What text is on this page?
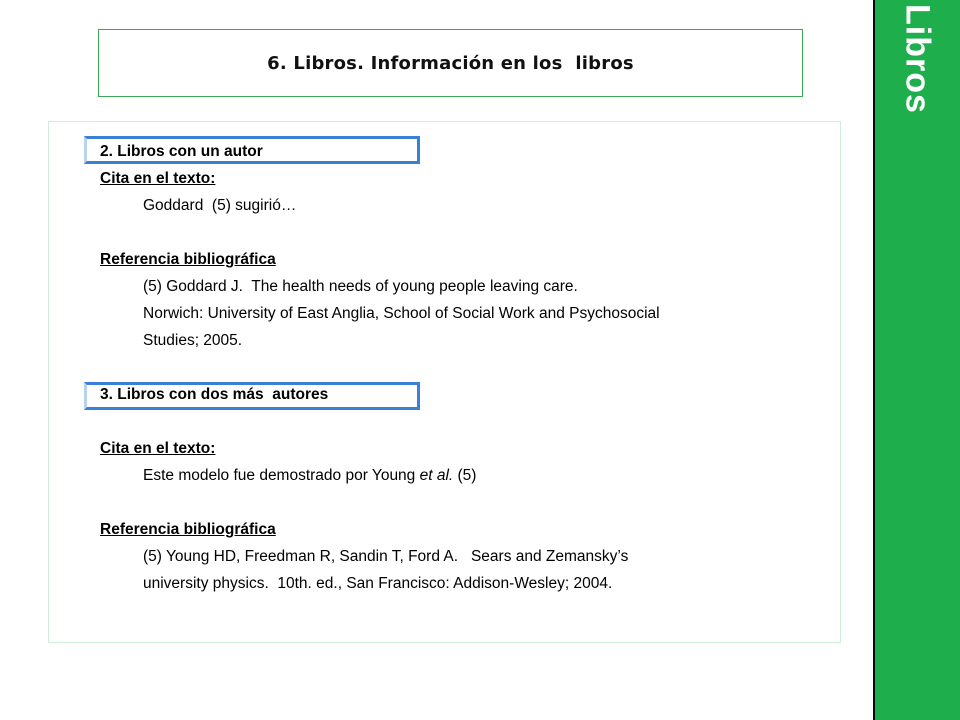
6. Libros. Información en los  libros	Libros
2. Libros con un autor
Cita en el texto:
Goddard  (5) sugirió…
Referencia bibliográfica
(5) Goddard J.  The health needs of young people leaving care.
Norwich: University of East Anglia, School of Social Work and Psychosocial
Studies; 2005.
3. Libros con dos más  autores
Cita en el texto:
Este modelo fue demostrado por Young et al. (5)
Referencia bibliográfica
(5) Young HD, Freedman R, Sandin T, Ford A.   Sears and Zemansky’s
university physics.  10th. ed., San Francisco: Addison-Wesley; 2004.
